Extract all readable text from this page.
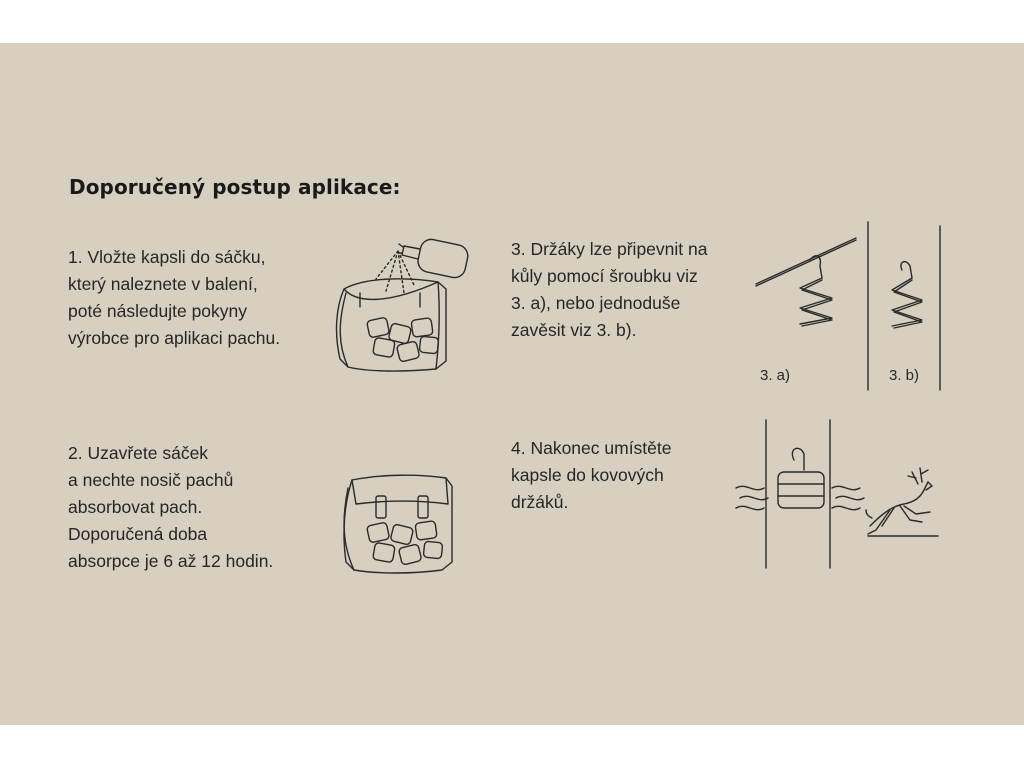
Doporučený postup aplikace:
1. Vložte kapsli do sáčku,
který naleznete v balení,
poté následujte pokyny
výrobce pro aplikaci pachu.
2. Uzavřete sáček
a nechte nosič pachů
absorbovat pach.
Doporučená doba
absorpce je 6 až 12 hodin.
3. Držáky lze připevnit na
kůly pomocí šroubku viz
3. a), nebo jednoduše
zavěsit viz 3. b).
3. a)	3. b)
4. Nakonec umístěte
kapsle do kovových
držáků.
